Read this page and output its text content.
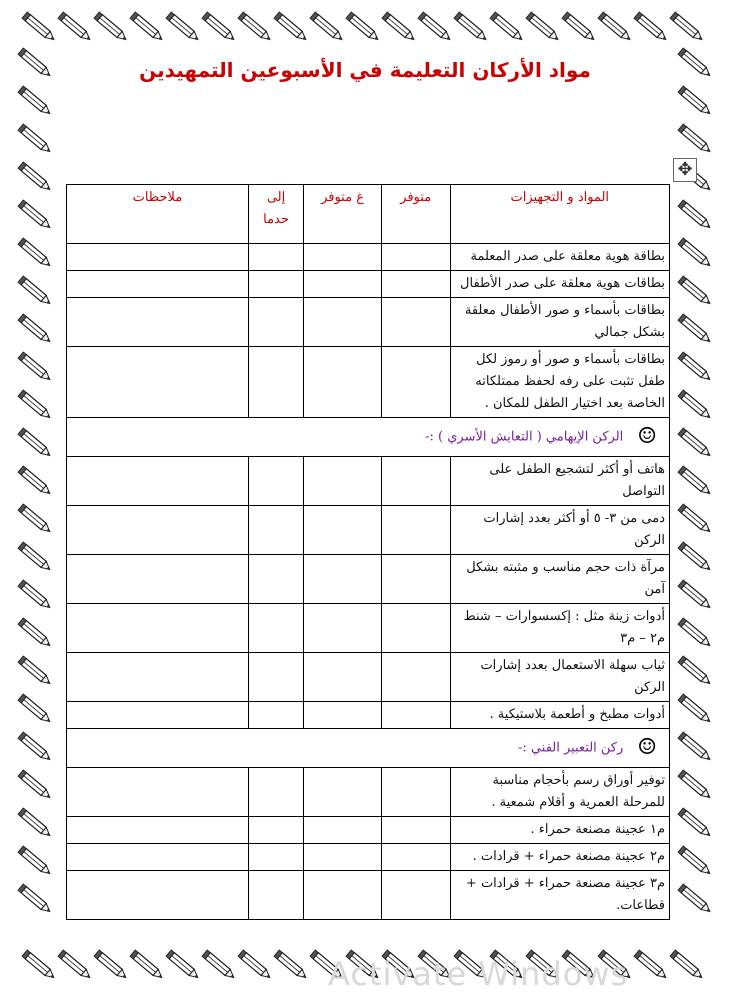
مواد الأركان التعليمة في الأسبوعين التمهيدين
✥
المواد و التجهيزات	متوفر	غ متوفر	إلى حدما	ملاحظات
بطاقة هوية معلقة على صدر المعلمة				
بطاقات هوية معلقة على صدر الأطفال				
بطاقات بأسماء و صور الأطفال معلقة بشكل جمالي				
بطاقات بأسماء و صور أو رموز لكل طفل تثبت على رفه لحفظ ممتلكاته الخاصة بعد اختيار الطفل للمكان .				
☺الركن الإيهامي ( التعايش الأسري ) :-				
هاتف أو أكثر لتشجيع الطفل على التواصل				
دمى من ٣- ٥ أو أكثر بعدد إشارات الركن				
مرآة ذات حجم مناسب و مثبته بشكل آمن				
أدوات زينة مثل : إكسسوارات – شنط م٢ – م٣				
ثياب سهلة الاستعمال بعدد إشارات الركن				
أدوات مطبخ و أطعمة بلاستيكية .				
☺ركن التعبير الفني :-				
توفير أوراق رسم بأحجام مناسبة للمرحلة العمرية و أقلام شمعية .				
م١ عجينة مصنعة حمراء .				
م٢ عجينة مصنعة حمراء + قرادات .				
م٣ عجينة مصنعة حمراء + قرادات + قطاعات.				
Activate Windows
